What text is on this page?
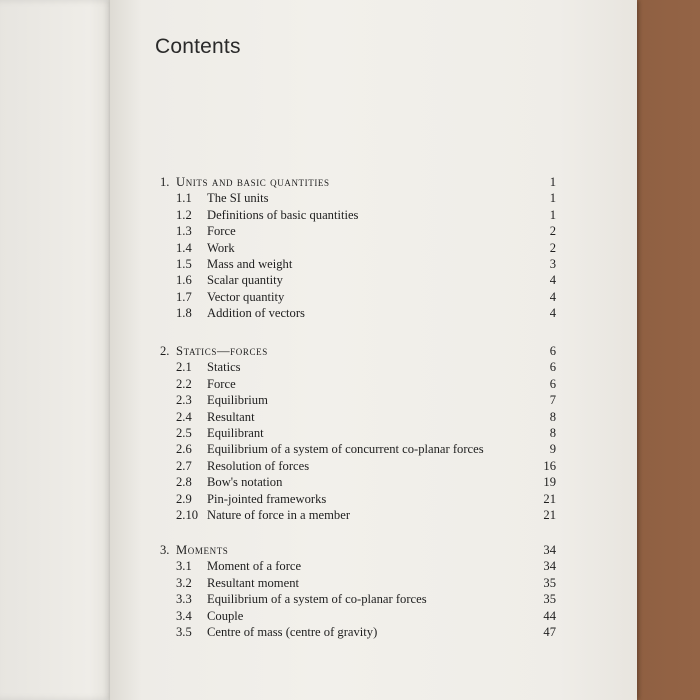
Contents
1. Units and basic quantities	1
1.1 The SI units	1
1.2 Definitions of basic quantities	1
1.3 Force	2
1.4 Work	2
1.5 Mass and weight	3
1.6 Scalar quantity	4
1.7 Vector quantity	4
1.8 Addition of vectors	4
2. Statics—forces	6
2.1 Statics	6
2.2 Force	6
2.3 Equilibrium	7
2.4 Resultant	8
2.5 Equilibrant	8
2.6 Equilibrium of a system of concurrent co-planar forces	9
2.7 Resolution of forces	16
2.8 Bow's notation	19
2.9 Pin-jointed frameworks	21
2.10 Nature of force in a member	21
3. Moments	34
3.1 Moment of a force	34
3.2 Resultant moment	35
3.3 Equilibrium of a system of co-planar forces	35
3.4 Couple	44
3.5 Centre of mass (centre of gravity)	47
